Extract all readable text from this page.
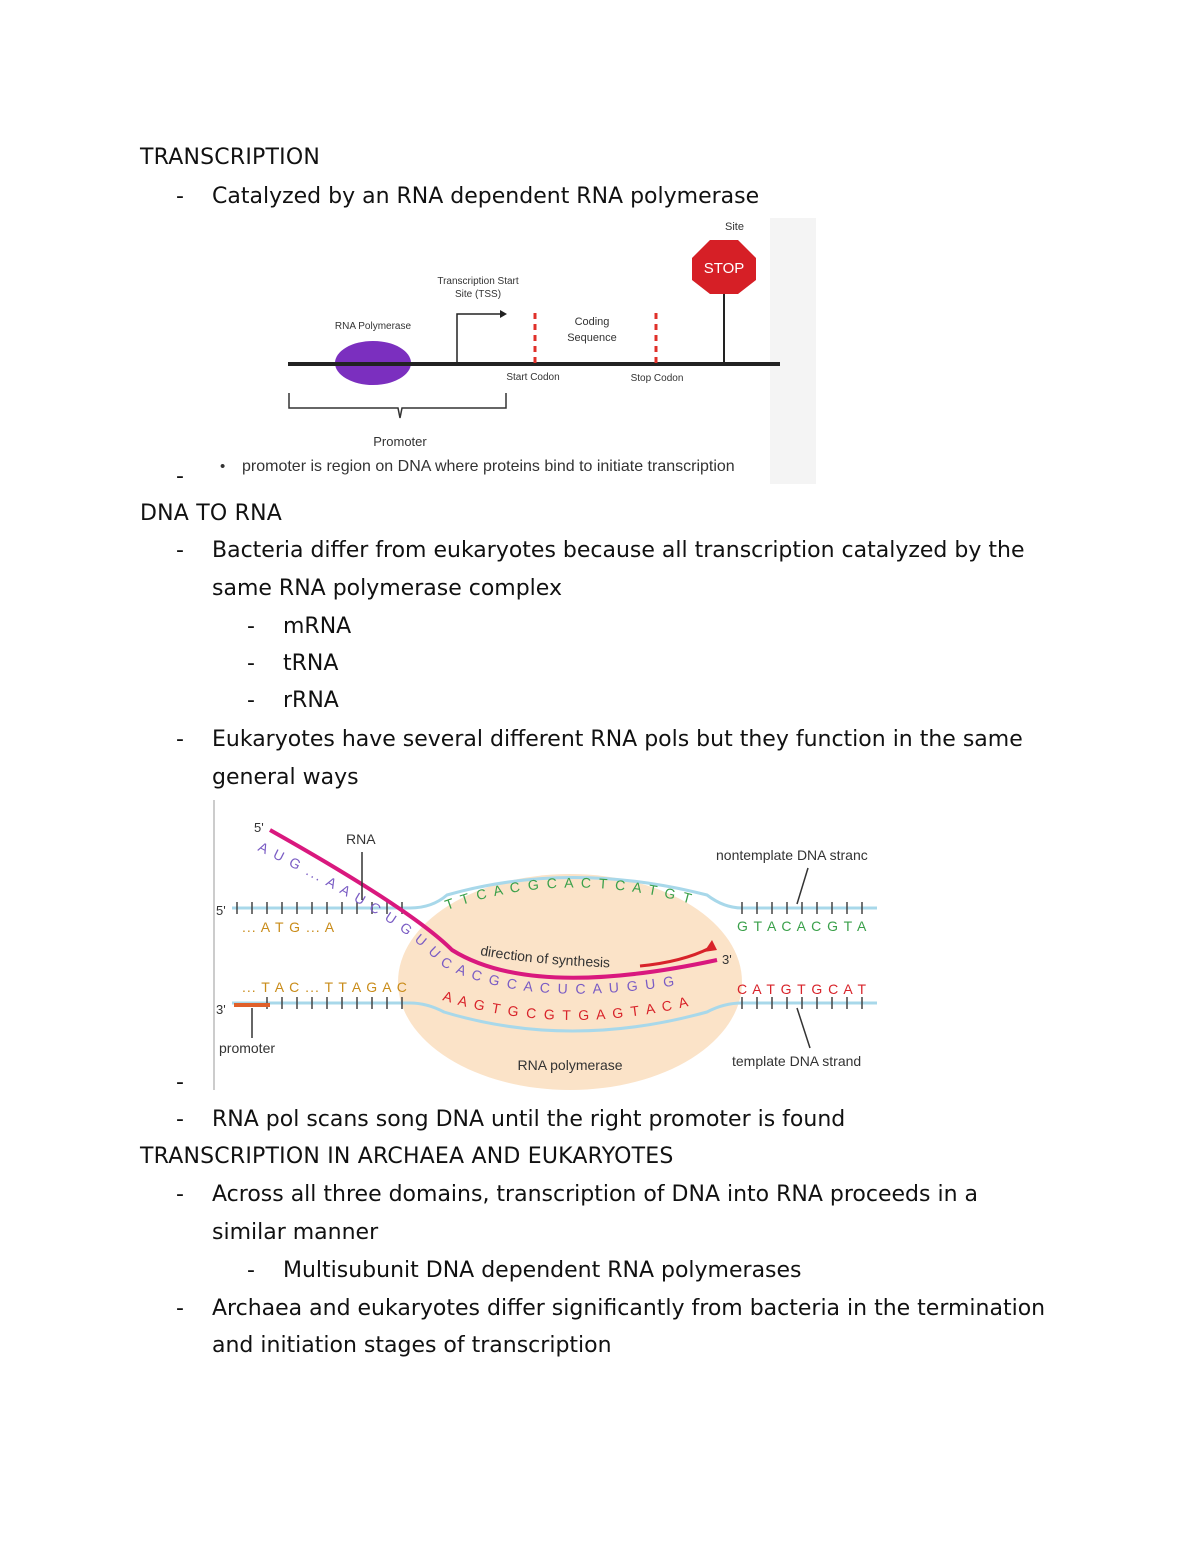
TRANSCRIPTION
- Catalyzed by an RNA dependent RNA polymerase
Site
STOP
Transcription Start
Site (TSS)
RNA Polymerase	Coding
Sequence
Start Codon	Stop Codon
Promoter
• promoter is region on DNA where proteins bind to initiate transcription
-
DNA TO RNA
- Bacteria differ from eukaryotes because all transcription catalyzed by the
same RNA polymerase complex
- mRNA
- tRNA
- rRNA
- Eukaryotes have several different RNA pols but they function in the same
general ways
RNA polymerase
5'
3'
... A T G ... A	G T A C A C G T A
... T A C ... T T A G A C	C A T G T G C A T
T T C A C G C A C T C A T G T
A A G T G C G T G A G T A C A
A U G ... A A U C U G U U C A C G C A C U C A U G U G
5'
3'
RNA
direction of synthesis
nontemplate DNA stranc
template DNA strand
promoter
-
- RNA pol scans song DNA until the right promoter is found
TRANSCRIPTION IN ARCHAEA AND EUKARYOTES
- Across all three domains, transcription of DNA into RNA proceeds in a
similar manner
- Multisubunit DNA dependent RNA polymerases
- Archaea and eukaryotes differ significantly from bacteria in the termination
and initiation stages of transcription
